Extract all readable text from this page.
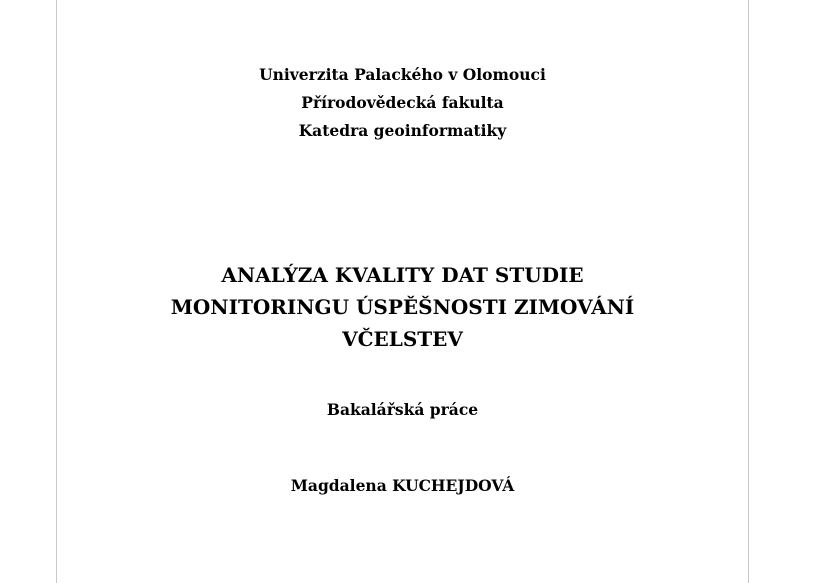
Univerzita Palackého v Olomouci
Přírodovědecká fakulta
Katedra geoinformatiky
ANALÝZA KVALITY DAT STUDIE
MONITORINGU ÚSPĚŠNOSTI ZIMOVÁNÍ
VČELSTEV
Bakalářská práce
Magdalena KUCHEJDOVÁ
